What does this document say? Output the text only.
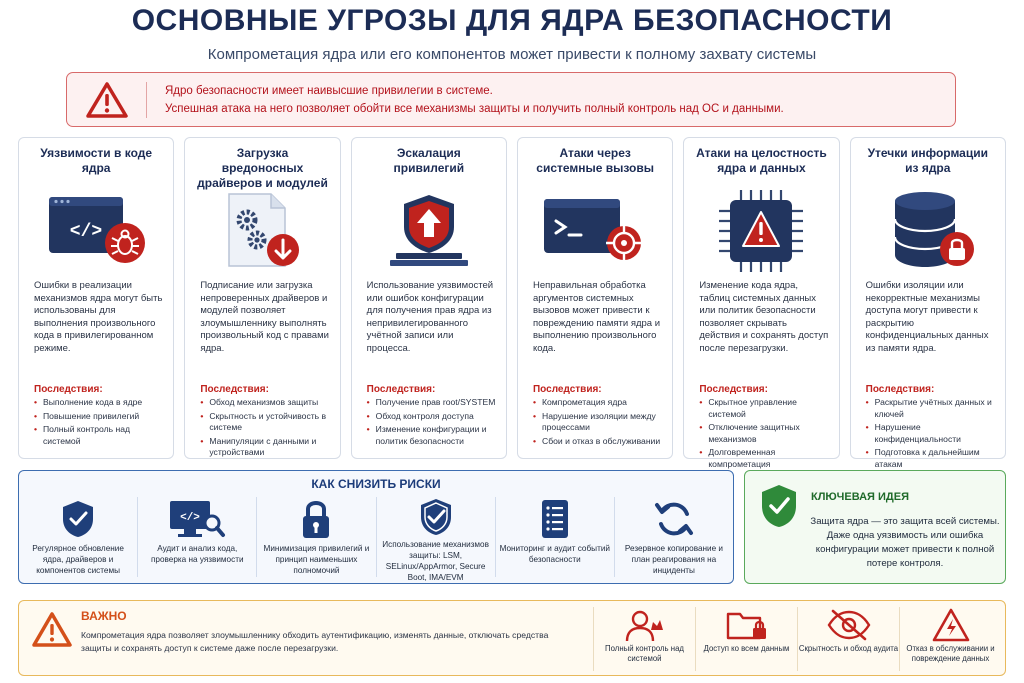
ОСНОВНЫЕ УГРОЗЫ ДЛЯ ЯДРА БЕЗОПАСНОСТИ
Компрометация ядра или его компонентов может привести к полному захвату системы
Ядро безопасности имеет наивысшие привилегии в системе.
Успешная атака на него позволяет обойти все механизмы защиты и получить полный контроль над ОС и данными.
Уязвимости в коде ядра
</>
Ошибки в реализации механизмов ядра могут быть использованы для выполнения произвольного кода в привилегированном режиме.
Последствия:
• Выполнение кода в ядре
• Повышение привилегий
• Полный контроль над системой
Загрузка вредоносных драйверов и модулей
Подписание или загрузка непроверенных драйверов и модулей позволяет злоумышленнику выполнять произвольный код с правами ядра.
Последствия:
• Обход механизмов защиты
• Скрытность и устойчивость в системе
• Манипуляции с данными и устройствами
Эскалация привилегий
Использование уязвимостей или ошибок конфигурации для получения прав ядра из непривилегированного учётной записи или процесса.
Последствия:
• Получение прав root/SYSTEM
• Обход контроля доступа
• Изменение конфигурации и политик безопасности
Атаки через системные вызовы
Неправильная обработка аргументов системных вызовов может привести к повреждению памяти ядра и выполнению произвольного кода.
Последствия:
• Компрометация ядра
• Нарушение изоляции между процессами
• Сбои и отказ в обслуживании
Атаки на целостность ядра и данных
Изменение кода ядра, таблиц системных данных или политик безопасности позволяет скрывать действия и сохранять доступ после перезагрузки.
Последствия:
• Скрытное управление системой
• Отключение защитных механизмов
• Долговременная компрометация
Утечки информации из ядра
Ошибки изоляции или некорректные механизмы доступа могут привести к раскрытию конфиденциальных данных из памяти ядра.
Последствия:
• Раскрытие учётных данных и ключей
• Нарушение конфиденциальности
• Подготовка к дальнейшим атакам
КАК СНИЗИТЬ РИСКИ
Регулярное обновление ядра, драйверов и компонентов системы
</>
Аудит и анализ кода, проверка на уязвимости
Минимизация привилегий и принцип наименьших полномочий
Использование механизмов защиты: LSM, SELinux/AppArmor, Secure Boot, IMA/EVM
Мониторинг и аудит событий безопасности
Резервное копирование и план реагирования на инциденты
КЛЮЧЕВАЯ ИДЕЯ
Защита ядра — это защита всей системы. Даже одна уязвимость или ошибка конфигурации может привести к полной потере контроля.
ВАЖНО
Компрометация ядра позволяет злоумышленнику обходить аутентификацию, изменять данные, отключать средства защиты и сохранять доступ к системе даже после перезагрузки.	Полный контроль над системой
Доступ ко всем данным Скрытность и обход аудита	Отказ в обслуживании и повреждение данных
